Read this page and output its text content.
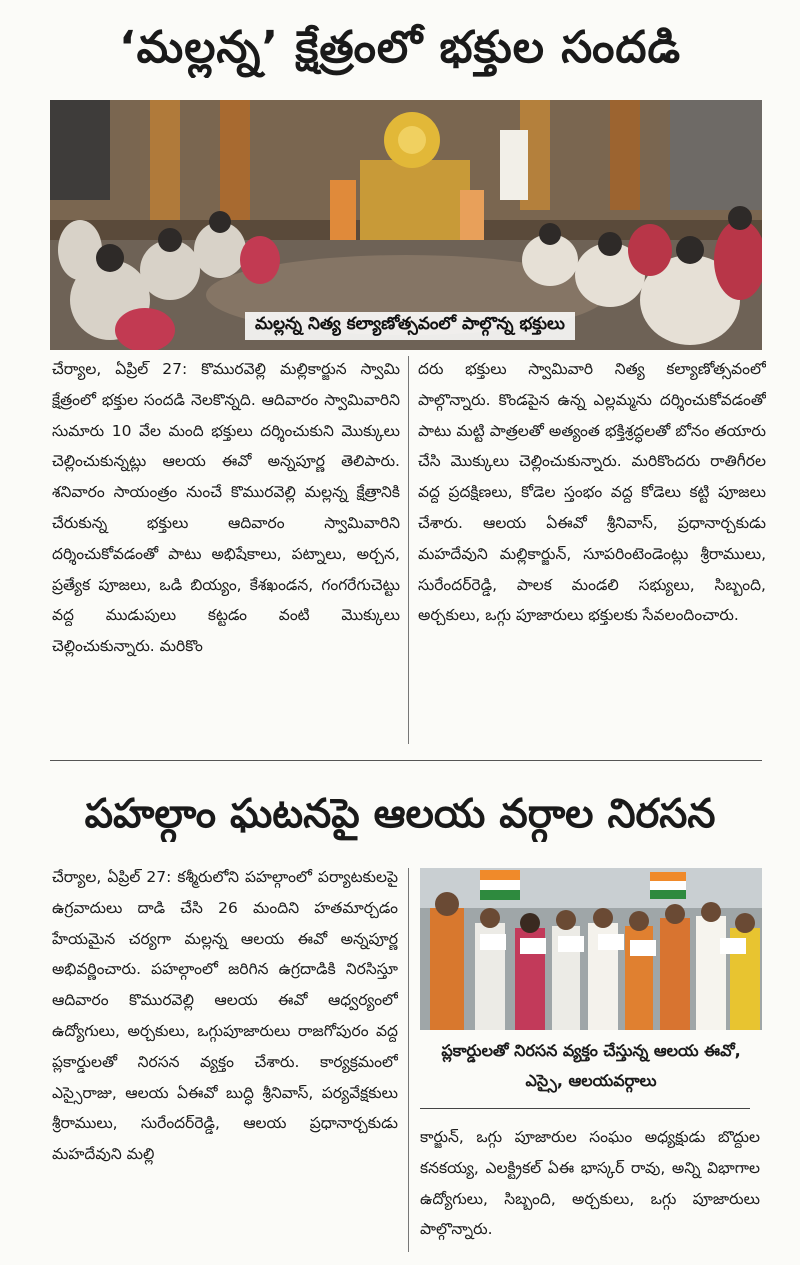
‘మల్లన్న’ క్షేత్రంలో భక్తుల సందడి
మల్లన్న నిత్య కల్యాణోత్సవంలో పాల్గొన్న భక్తులు
చేర్యాల, ఏప్రిల్ 27: కొమురవెల్లి మల్లికార్జున స్వామి క్షేత్రంలో భక్తుల సందడి నెలకొన్నది. ఆదివారం స్వామివారిని సుమారు 10 వేల మంది భక్తులు దర్శించుకుని మొక్కులు చెల్లించుకున్నట్లు ఆలయ ఈవో అన్నపూర్ణ తెలిపారు. శనివారం సాయంత్రం నుంచే కొమురవెల్లి మల్లన్న క్షేత్రానికి చేరుకున్న భక్తులు ఆదివారం స్వామివారిని దర్శించుకోవడంతో పాటు అభిషేకాలు, పట్నాలు, అర్చన, ప్రత్యేక పూజలు, ఒడి బియ్యం, కేశఖండన, గంగరేగుచెట్టు వద్ద ముడుపులు కట్టడం వంటి మొక్కులు చెల్లించుకున్నారు. మరికొం
దరు భక్తులు స్వామివారి నిత్య కల్యాణోత్సవంలో పాల్గొన్నారు. కొండపైన ఉన్న ఎల్లమ్మను దర్శించుకోవడంతో పాటు మట్టి పాత్రలతో అత్యంత భక్తిశ్రద్ధలతో బోనం తయారు చేసి మొక్కులు చెల్లించుకున్నారు. మరికొందరు రాతిగీరల వద్ద ప్రదక్షిణలు, కోడెల స్తంభం వద్ద కోడెలు కట్టి పూజలు చేశారు. ఆలయ ఏఈవో శ్రీనివాస్, ప్రధానార్చకుడు మహదేవుని మల్లికార్జున్, సూపరింటెండెంట్లు శ్రీరాములు, సురేందర్‌రెడ్డి, పాలక మండలి సభ్యులు, సిబ్బంది, అర్చకులు, ఒగ్గు పూజారులు భక్తులకు సేవలందించారు.
పహల్గాం ఘటనపై ఆలయ వర్గాల నిరసన
చేర్యాల, ఏప్రిల్ 27: కశ్మీరులోని పహల్గాంలో పర్యాటకులపై ఉగ్రవాదులు దాడి చేసి 26 మందిని హతమార్చడం హేయమైన చర్యగా మల్లన్న ఆలయ ఈవో అన్నపూర్ణ అభివర్ణించారు. పహల్గాంలో జరిగిన ఉగ్రదాడికి నిరసిస్తూ ఆదివారం కొమురవెల్లి ఆలయ ఈవో ఆధ్వర్యంలో ఉద్యోగులు, అర్చకులు, ఒగ్గుపూజారులు రాజగోపురం వద్ద ప్లకార్డులతో నిరసన వ్యక్తం చేశారు. కార్యక్రమంలో ఎస్సైరాజు, ఆలయ ఏఈవో బుద్ధి శ్రీనివాస్, పర్యవేక్షకులు శ్రీరాములు, సురేందర్‌రెడ్డి, ఆలయ ప్రధానార్చకుడు మహదేవుని మల్లి
ప్లకార్డులతో నిరసన వ్యక్తం చేస్తున్న ఆలయ ఈవో, ఎస్సై, ఆలయవర్గాలు
కార్జున్, ఒగ్గు పూజారుల సంఘం అధ్యక్షుడు బొద్దుల కనకయ్య, ఎలక్ట్రికల్ ఏఈ భాస్కర్ రావు, అన్ని విభాగాల ఉద్యోగులు, సిబ్బంది, అర్చకులు, ఒగ్గు పూజారులు పాల్గొన్నారు.
